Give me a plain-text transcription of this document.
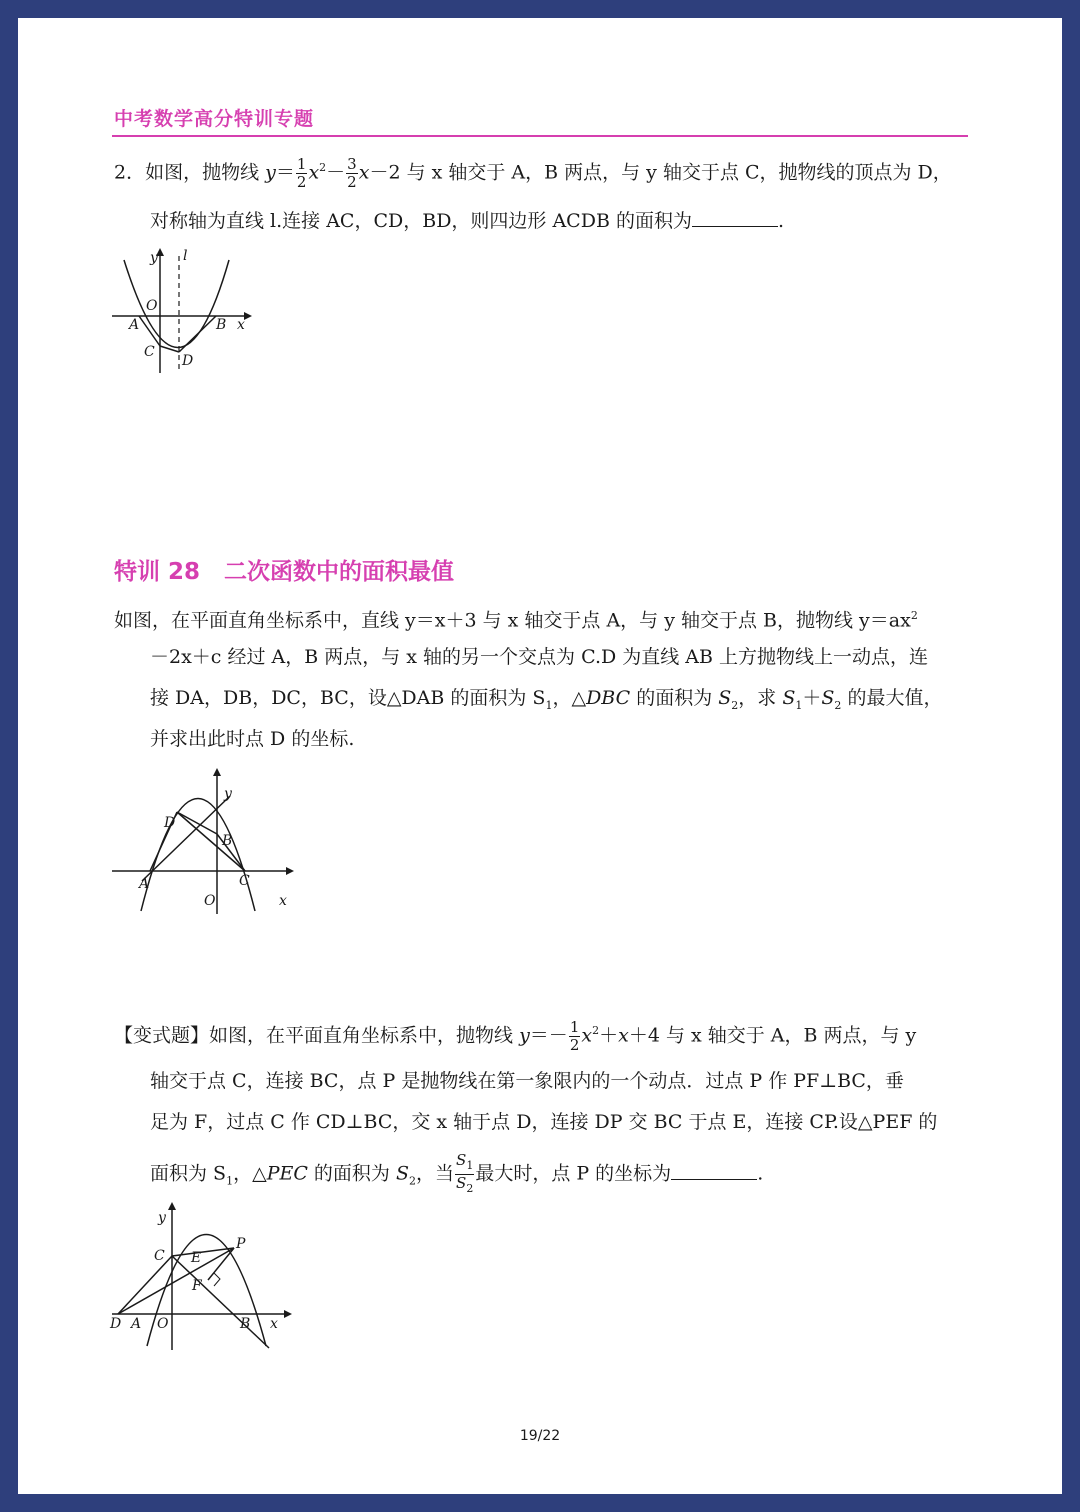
中考数学高分特训专题
2．如图，抛物线 $y= \frac{1}{2} x^2- \frac{3}{2} x-2$ 与 x 轴交于 A，B 两点，与 y 轴交于点 C，抛物线的顶点为 D，
对称轴为直线 l.连接 AC，CD，BD，则四边形 ACDB 的面积为	.
y l
O
A	B x
C
D
特训 28 二次函数中的面积最值
如图，在平面直角坐标系中，直线 y＝x＋3 与 x 轴交于点 A，与 y 轴交于点 B，抛物线 $y=ax^2$
－2x＋c 经过 A，B 两点，与 x 轴的另一个交点为 C.D 为直线 AB 上方抛物线上一动点，连
接 DA，DB，DC，BC，设△DAB 的面积为 $S_1$，△DBC 的面积为 $S_2$，求 $S_1+S_2$ 的最大值，
并求出此时点 D 的坐标.
y
D
B
A	C
O	x
【变式题】如图，在平面直角坐标系中，抛物线 $y=- \frac{1}{2} x^2+x+4$ 与 x 轴交于 A，B 两点，与 y
轴交于点 C，连接 BC，点 P 是抛物线在第一象限内的一个动点．过点 P 作 PF⊥BC，垂
足为 F，过点 C 作 CD⊥BC，交 x 轴于点 D，连接 DP 交 BC 于点 E，连接 CP.设△PEF 的
面积为 $S_1$，△PEC 的面积为 $S_2$，当 $\frac{S_1}{S_2}$ 最大时，点 P 的坐标为	.
y
C E
P
F
D A O	B x
19/22
